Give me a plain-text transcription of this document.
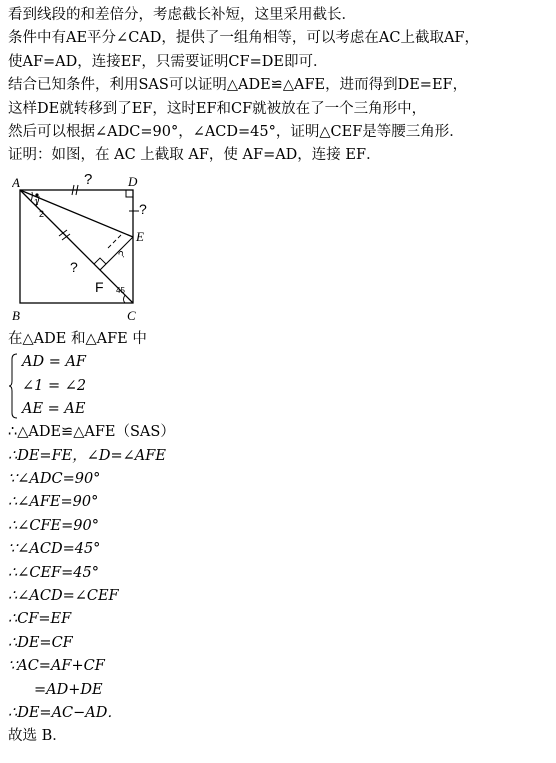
看到线段的和差倍分，考虑截长补短，这里采用截长．
条件中有AE平分∠CAD，提供了一组角相等，可以考虑在AC上截取AF，
使AF=AD，连接EF，只需要证明CF=DE即可．
结合已知条件，利用SAS可以证明△ADE≌△AFE，进而得到DE=EF，
这样DE就转移到了EF，这时EF和CF就被放在了一个三角形中，
然后可以根据∠ADC=90°，∠ACD=45°，证明△CEF是等腰三角形．
证明：如图，在 AC 上截取 AF，使 AF=AD，连接 EF．
A	D
E
B	C
F
1
2
45
?
?
?
?
在△ADE 和△AFE 中
AD = AF
∠1 = ∠2
AE = AE
∴△ADE≌△AFE（SAS）
∴DE=FE，∠D=∠AFE
∵∠ADC=90°
∴∠AFE=90°
∴∠CFE=90°
∵∠ACD=45°
∴∠CEF=45°
∴∠ACD=∠CEF
∴CF=EF
∴DE=CF
∵AC=AF+CF
=AD+DE
∴DE=AC−AD．
故选 B．
